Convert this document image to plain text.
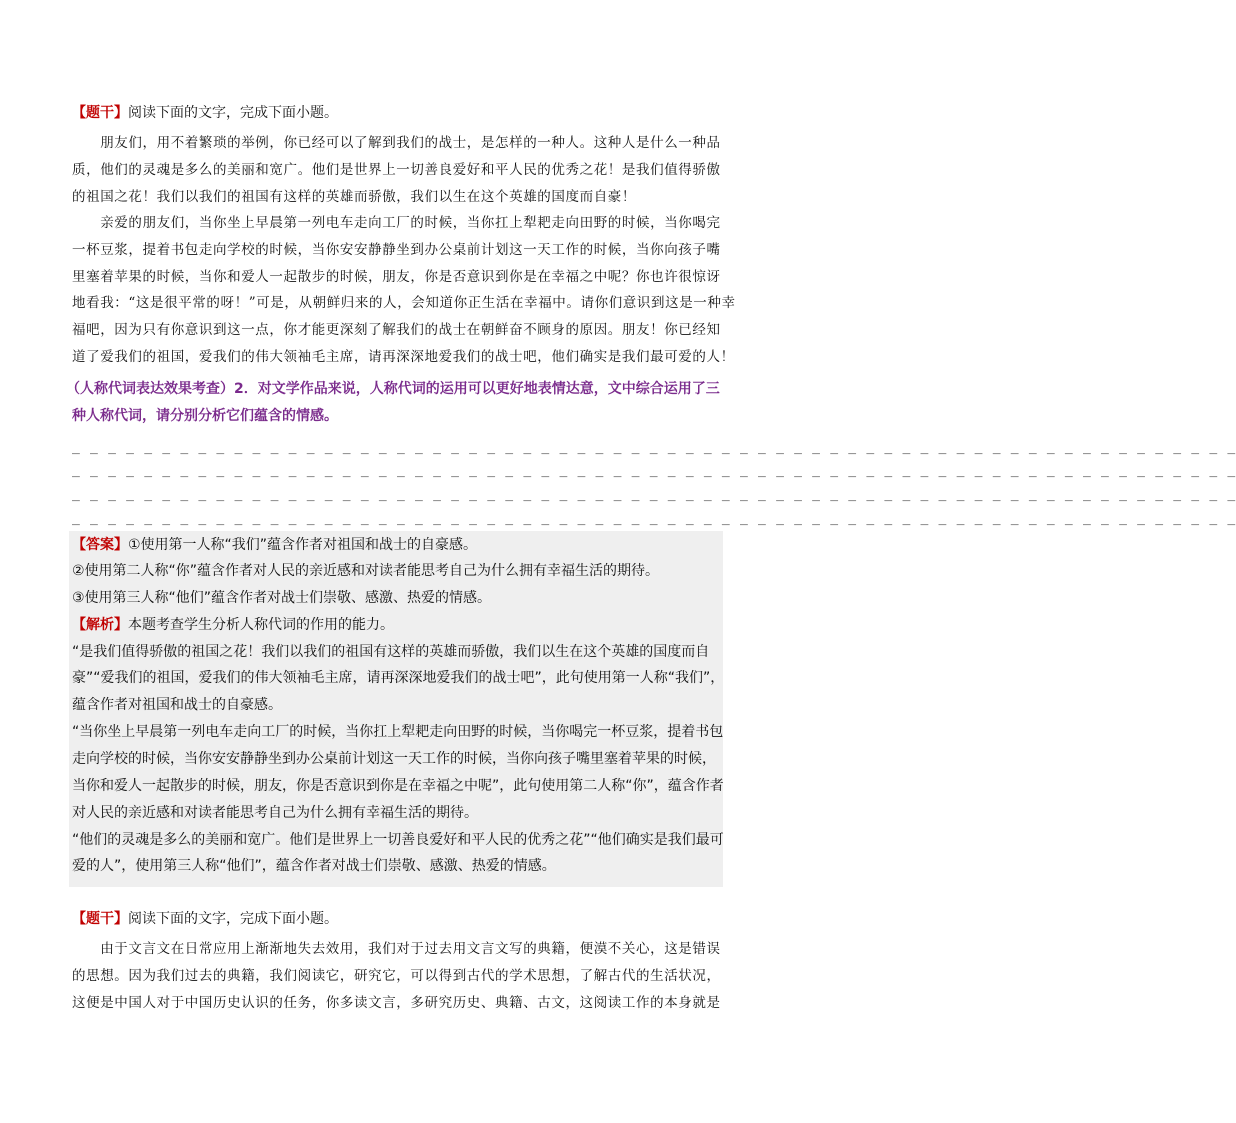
【题干】阅读下面的文字，完成下面小题。
　　朋友们，用不着繁琐的举例，你已经可以了解到我们的战士，是怎样的一种人。这种人是什么一种品
质，他们的灵魂是多么的美丽和宽广。他们是世界上一切善良爱好和平人民的优秀之花！是我们值得骄傲
的祖国之花！我们以我们的祖国有这样的英雄而骄傲，我们以生在这个英雄的国度而自豪！
　　亲爱的朋友们，当你坐上早晨第一列电车走向工厂的时候，当你扛上犁耙走向田野的时候，当你喝完
一杯豆浆，提着书包走向学校的时候，当你安安静静坐到办公桌前计划这一天工作的时候，当你向孩子嘴
里塞着苹果的时候，当你和爱人一起散步的时候，朋友，你是否意识到你是在幸福之中呢？你也许很惊讶
地看我：“这是很平常的呀！”可是，从朝鲜归来的人，会知道你正生活在幸福中。请你们意识到这是一种幸
福吧，因为只有你意识到这一点，你才能更深刻了解我们的战士在朝鲜奋不顾身的原因。朋友！你已经知
道了爱我们的祖国，爱我们的伟大领袖毛主席，请再深深地爱我们的战士吧，他们确实是我们最可爱的人！
（人称代词表达效果考查）2．对文学作品来说，人称代词的运用可以更好地表情达意，文中综合运用了三
种人称代词，请分别分析它们蕴含的情感。
_ _ _ _ _ _ _ _ _ _ _ _ _ _ _ _ _ _ _ _ _ _ _ _ _ _ _ _ _ _ _ _ _ _ _ _ _ _ _ _ _ _ _ _ _ _ _ _ _ _ _ _ _ _ _ _ _ _ _ _ _ _ _ _ _
_ _ _ _ _ _ _ _ _ _ _ _ _ _ _ _ _ _ _ _ _ _ _ _ _ _ _ _ _ _ _ _ _ _ _ _ _ _ _ _ _ _ _ _ _ _ _ _ _ _ _ _ _ _ _ _ _ _ _ _ _ _ _ _ _
_ _ _ _ _ _ _ _ _ _ _ _ _ _ _ _ _ _ _ _ _ _ _ _ _ _ _ _ _ _ _ _ _ _ _ _ _ _ _ _ _ _ _ _ _ _ _ _ _ _ _ _ _ _ _ _ _ _ _ _ _ _ _ _ _
_ _ _ _ _ _ _ _ _ _ _ _ _ _ _ _ _ _ _ _ _ _ _ _ _ _ _ _ _ _ _ _ _ _ _ _ _ _ _ _ _ _ _ _ _ _ _ _ _ _ _ _ _ _ _ _ _ _ _ _ _ _ _ _ _
【答案】①使用第一人称“我们”蕴含作者对祖国和战士的自豪感。
②使用第二人称“你”蕴含作者对人民的亲近感和对读者能思考自己为什么拥有幸福生活的期待。
③使用第三人称“他们”蕴含作者对战士们崇敬、感激、热爱的情感。
【解析】本题考查学生分析人称代词的作用的能力。
“是我们值得骄傲的祖国之花！我们以我们的祖国有这样的英雄而骄傲，我们以生在这个英雄的国度而自
豪”“爱我们的祖国，爱我们的伟大领袖毛主席，请再深深地爱我们的战士吧”，此句使用第一人称“我们”，
蕴含作者对祖国和战士的自豪感。
“当你坐上早晨第一列电车走向工厂的时候，当你扛上犁耙走向田野的时候，当你喝完一杯豆浆，提着书包
走向学校的时候，当你安安静静坐到办公桌前计划这一天工作的时候，当你向孩子嘴里塞着苹果的时候，
当你和爱人一起散步的时候，朋友，你是否意识到你是在幸福之中呢”，此句使用第二人称“你”，蕴含作者
对人民的亲近感和对读者能思考自己为什么拥有幸福生活的期待。
“他们的灵魂是多么的美丽和宽广。他们是世界上一切善良爱好和平人民的优秀之花”“他们确实是我们最可
爱的人”，使用第三人称“他们”，蕴含作者对战士们崇敬、感激、热爱的情感。
【题干】阅读下面的文字，完成下面小题。
　　由于文言文在日常应用上渐渐地失去效用，我们对于过去用文言文写的典籍，便漠不关心，这是错误
的思想。因为我们过去的典籍，我们阅读它，研究它，可以得到古代的学术思想，了解古代的生活状况，
这便是中国人对于中国历史认识的任务，你多读文言，多研究历史、典籍、古文，这阅读工作的本身就是
